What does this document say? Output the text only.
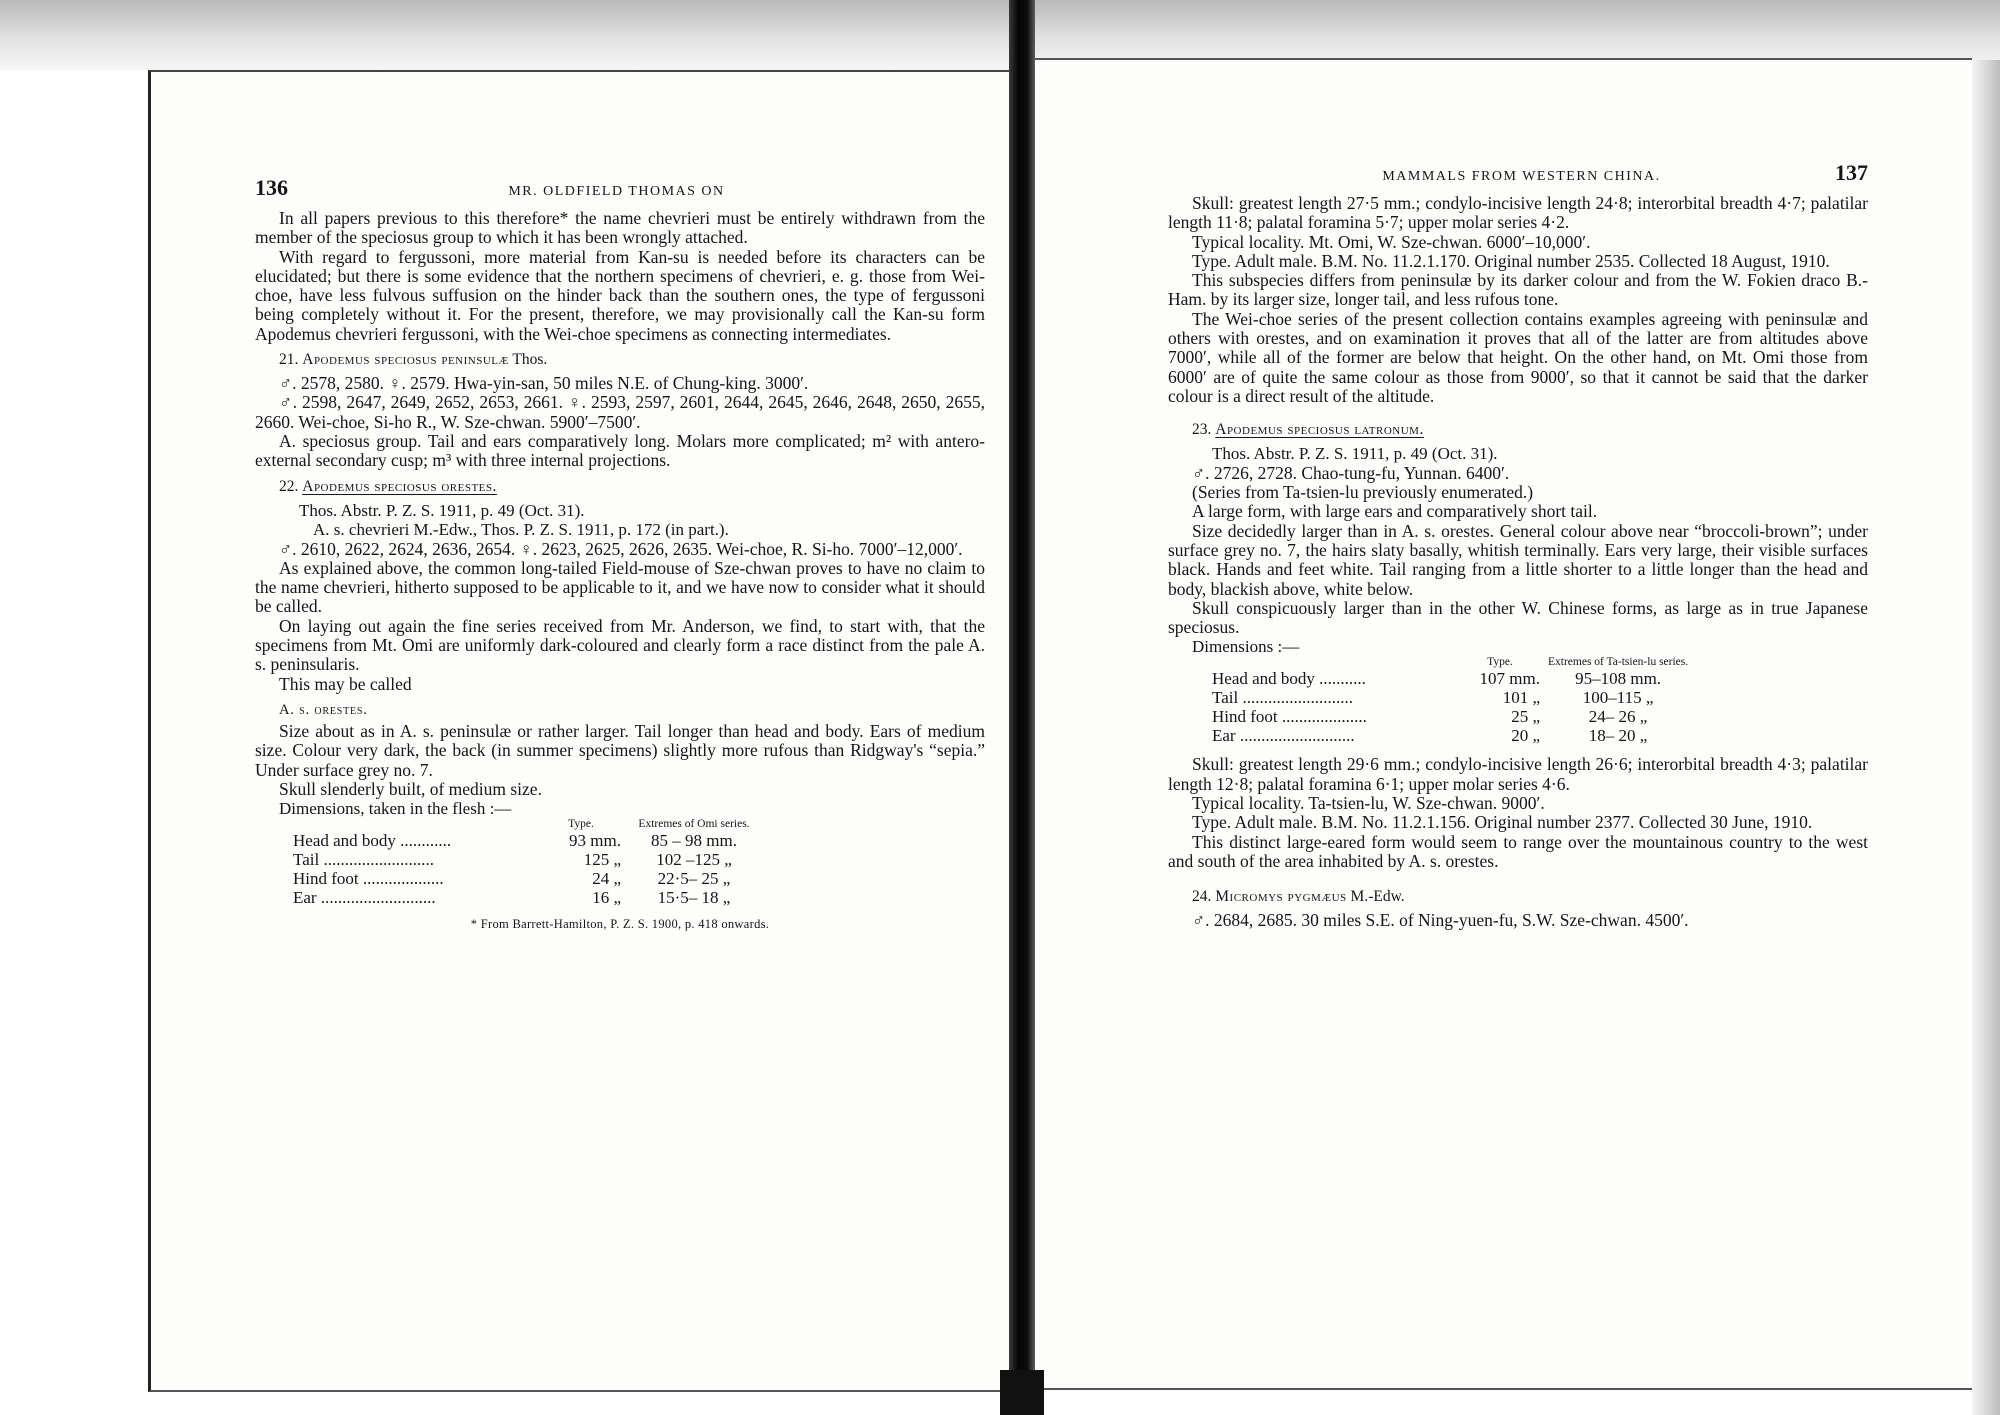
136	MR. OLDFIELD THOMAS ON

In all papers previous to this therefore* the name chevrieri must be entirely withdrawn from the member of the speciosus group to which it has been wrongly attached.

With regard to fergussoni, more material from Kan-su is needed before its characters can be elucidated; but there is some evidence that the northern specimens of chevrieri, e. g. those from Wei-choe, have less fulvous suffusion on the hinder back than the southern ones, the type of fergussoni being completely without it. For the present, therefore, we may provisionally call the Kan-su form Apodemus chevrieri fergussoni, with the Wei-choe specimens as connecting intermediates.

21. Apodemus speciosus peninsulæ Thos.

♂. 2578, 2580. ♀. 2579. Hwa-yin-san, 50 miles N.E. of Chung-king. 3000′.

♂. 2598, 2647, 2649, 2652, 2653, 2661. ♀. 2593, 2597, 2601, 2644, 2645, 2646, 2648, 2650, 2655, 2660. Wei-choe, Si-ho R., W. Sze-chwan. 5900′–7500′.

A. speciosus group. Tail and ears comparatively long. Molars more complicated; m² with antero-external secondary cusp; m³ with three internal projections.

22. Apodemus speciosus orestes.

Thos. Abstr. P. Z. S. 1911, p. 49 (Oct. 31).

A. s. chevrieri M.-Edw., Thos. P. Z. S. 1911, p. 172 (in part.).

♂. 2610, 2622, 2624, 2636, 2654. ♀. 2623, 2625, 2626, 2635. Wei-choe, R. Si-ho. 7000′–12,000′.

As explained above, the common long-tailed Field-mouse of Sze-chwan proves to have no claim to the name chevrieri, hitherto supposed to be applicable to it, and we have now to consider what it should be called.

On laying out again the fine series received from Mr. Anderson, we find, to start with, that the specimens from Mt. Omi are uniformly dark-coloured and clearly form a race distinct from the pale A. s. peninsularis.

This may be called

A. s. orestes.

Size about as in A. s. peninsulæ or rather larger. Tail longer than head and body. Ears of medium size. Colour very dark, the back (in summer specimens) slightly more rufous than Ridgway's “sepia.” Under surface grey no. 7.

Skull slenderly built, of medium size.

Dimensions, taken in the flesh :—

	Type.	Extremes of Omi series.
Head and body ............	93 mm.	85 – 98 mm.
Tail ..........................	125 „	102 –125 „
Hind foot ...................	24 „	22·5– 25 „
Ear ...........................	16 „	15·5– 18 „
* From Barrett-Hamilton, P. Z. S. 1900, p. 418 onwards.
MAMMALS FROM WESTERN CHINA.	137

Skull: greatest length 27·5 mm.; condylo-incisive length 24·8; interorbital breadth 4·7; palatilar length 11·8; palatal foramina 5·7; upper molar series 4·2.

Typical locality. Mt. Omi, W. Sze-chwan. 6000′–10,000′.

Type. Adult male. B.M. No. 11.2.1.170. Original number 2535. Collected 18 August, 1910.

This subspecies differs from peninsulæ by its darker colour and from the W. Fokien draco B.-Ham. by its larger size, longer tail, and less rufous tone.

The Wei-choe series of the present collection contains examples agreeing with peninsulæ and others with orestes, and on examination it proves that all of the latter are from altitudes above 7000′, while all of the former are below that height. On the other hand, on Mt. Omi those from 6000′ are of quite the same colour as those from 9000′, so that it cannot be said that the darker colour is a direct result of the altitude.

23. Apodemus speciosus latronum.

Thos. Abstr. P. Z. S. 1911, p. 49 (Oct. 31).

♂. 2726, 2728. Chao-tung-fu, Yunnan. 6400′.

(Series from Ta-tsien-lu previously enumerated.)

A large form, with large ears and comparatively short tail.

Size decidedly larger than in A. s. orestes. General colour above near “broccoli-brown”; under surface grey no. 7, the hairs slaty basally, whitish terminally. Ears very large, their visible surfaces black. Hands and feet white. Tail ranging from a little shorter to a little longer than the head and body, blackish above, white below.

Skull conspicuously larger than in the other W. Chinese forms, as large as in true Japanese speciosus.

Dimensions :—

	Type.	Extremes of Ta-tsien-lu series.
Head and body ...........	107 mm.	95–108 mm.
Tail ..........................	101 „	100–115 „
Hind foot ....................	25 „	24– 26 „
Ear ...........................	20 „	18– 20 „

Skull: greatest length 29·6 mm.; condylo-incisive length 26·6; interorbital breadth 4·3; palatilar length 12·8; palatal foramina 6·1; upper molar series 4·6.

Typical locality. Ta-tsien-lu, W. Sze-chwan. 9000′.

Type. Adult male. B.M. No. 11.2.1.156. Original number 2377. Collected 30 June, 1910.

This distinct large-eared form would seem to range over the mountainous country to the west and south of the area inhabited by A. s. orestes.

24. Micromys pygmæus M.-Edw.

♂. 2684, 2685. 30 miles S.E. of Ning-yuen-fu, S.W. Sze-chwan. 4500′.
